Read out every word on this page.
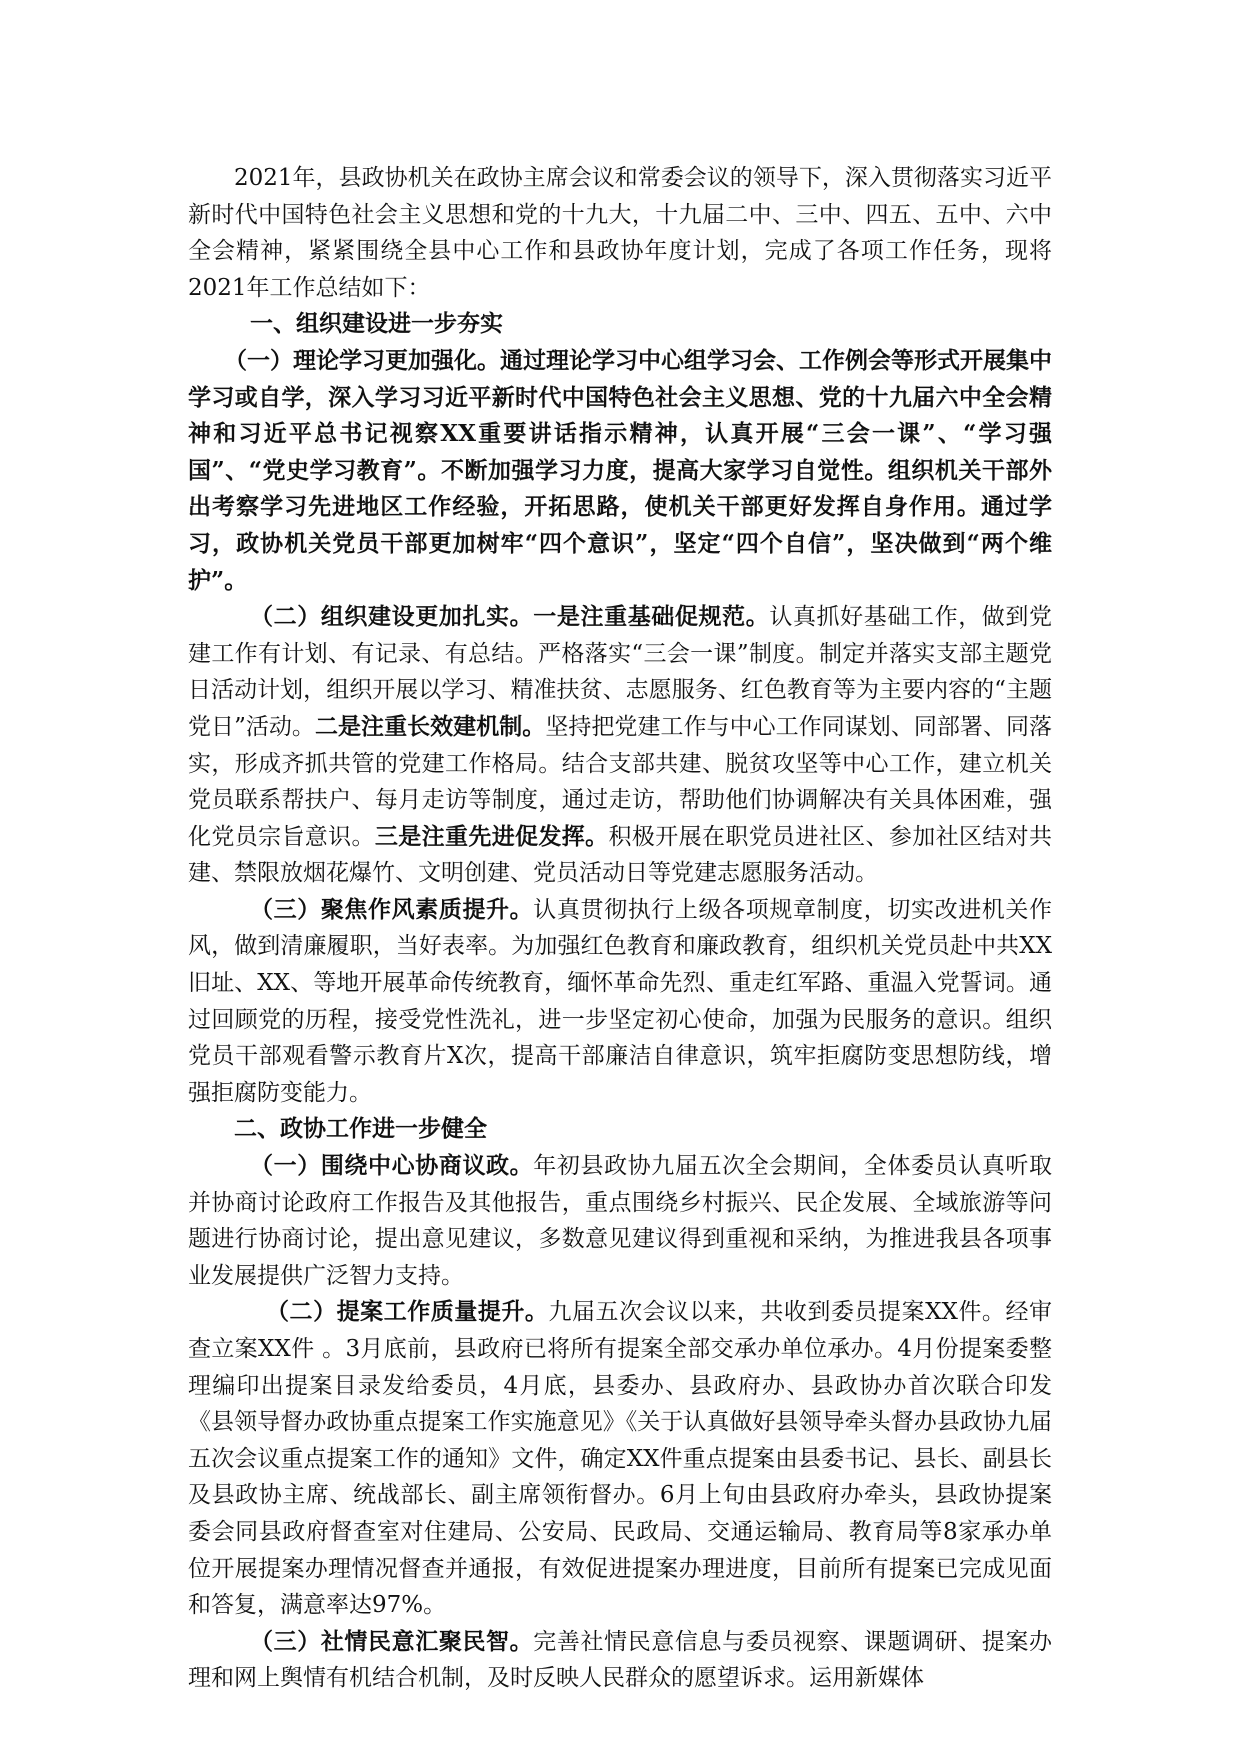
2021年，县政协机关在政协主席会议和常委会议的领导下，深入贯彻落实习近平新时代中国特色社会主义思想和党的十九大，十九届二中、三中、四五、五中、六中全会精神，紧紧围绕全县中心工作和县政协年度计划，完成了各项工作任务，现将2021年工作总结如下：

一、组织建设进一步夯实

（一）理论学习更加强化。通过理论学习中心组学习会、工作例会等形式开展集中学习或自学，深入学习习近平新时代中国特色社会主义思想、党的十九届六中全会精神和习近平总书记视察XX重要讲话指示精神，认真开展“三会一课”、“学习强国”、“党史学习教育”。不断加强学习力度，提高大家学习自觉性。组织机关干部外出考察学习先进地区工作经验，开拓思路，使机关干部更好发挥自身作用。通过学习，政协机关党员干部更加树牢“四个意识”，坚定“四个自信”，坚决做到“两个维护”。

（二）组织建设更加扎实。一是注重基础促规范。认真抓好基础工作，做到党建工作有计划、有记录、有总结。严格落实“三会一课”制度。制定并落实支部主题党日活动计划，组织开展以学习、精准扶贫、志愿服务、红色教育等为主要内容的“主题党日”活动。二是注重长效建机制。坚持把党建工作与中心工作同谋划、同部署、同落实，形成齐抓共管的党建工作格局。结合支部共建、脱贫攻坚等中心工作，建立机关党员联系帮扶户、每月走访等制度，通过走访，帮助他们协调解决有关具体困难，强化党员宗旨意识。三是注重先进促发挥。积极开展在职党员进社区、参加社区结对共建、禁限放烟花爆竹、文明创建、党员活动日等党建志愿服务活动。

（三）聚焦作风素质提升。认真贯彻执行上级各项规章制度，切实改进机关作风，做到清廉履职，当好表率。为加强红色教育和廉政教育，组织机关党员赴中共XX旧址、XX、等地开展革命传统教育，缅怀革命先烈、重走红军路、重温入党誓词。通过回顾党的历程，接受党性洗礼，进一步坚定初心使命，加强为民服务的意识。组织党员干部观看警示教育片X次，提高干部廉洁自律意识，筑牢拒腐防变思想防线，增强拒腐防变能力。

二、政协工作进一步健全

（一）围绕中心协商议政。年初县政协九届五次全会期间，全体委员认真听取并协商讨论政府工作报告及其他报告，重点围绕乡村振兴、民企发展、全域旅游等问题进行协商讨论，提出意见建议，多数意见建议得到重视和采纳，为推进我县各项事业发展提供广泛智力支持。

（二）提案工作质量提升。九届五次会议以来，共收到委员提案XX件。经审查立案XX件 。3月底前，县政府已将所有提案全部交承办单位承办。4月份提案委整理编印出提案目录发给委员，4月底，县委办、县政府办、县政协办首次联合印发《县领导督办政协重点提案工作实施意见》《关于认真做好县领导牵头督办县政协九届五次会议重点提案工作的通知》文件，确定XX件重点提案由县委书记、县长、副县长及县政协主席、统战部长、副主席领衔督办。6月上旬由县政府办牵头，县政协提案委会同县政府督查室对住建局、公安局、民政局、交通运输局、教育局等8家承办单位开展提案办理情况督查并通报，有效促进提案办理进度，目前所有提案已完成见面和答复，满意率达97%。

（三）社情民意汇聚民智。完善社情民意信息与委员视察、课题调研、提案办理和网上舆情有机结合机制，及时反映人民群众的愿望诉求。运用新媒体
